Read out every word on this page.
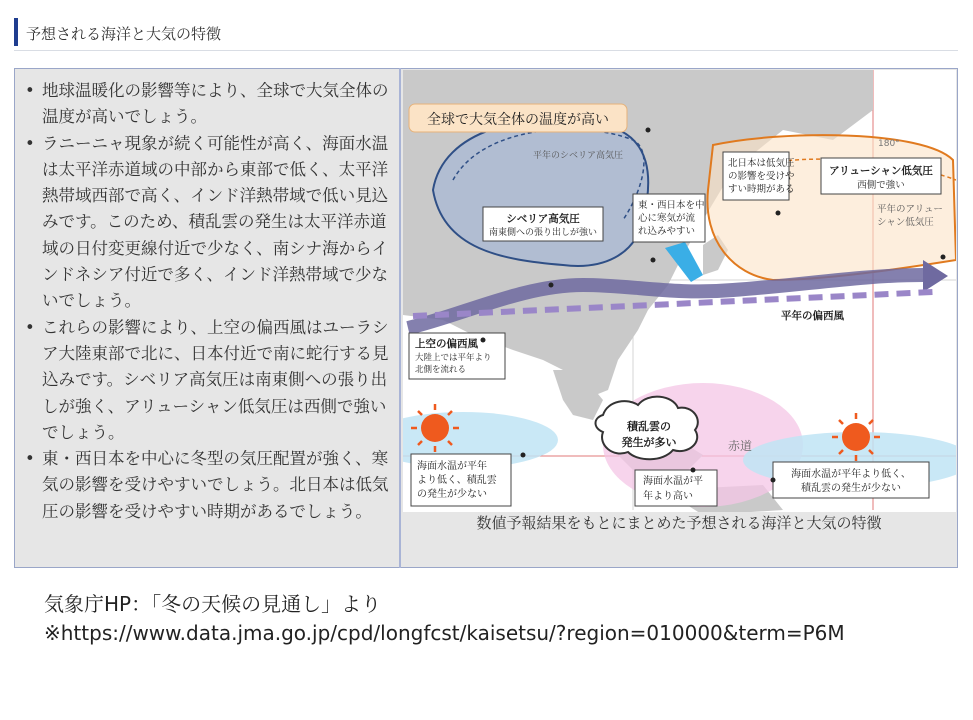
予想される海洋と大気の特徴
• 地球温暖化の影響等により、全球で大気全体の温度が高いでしょう。
• ラニーニャ現象が続く可能性が高く、海面水温は太平洋赤道域の中部から東部で低く、太平洋熱帯域西部で高く、インド洋熱帯域で低い見込みです。このため、積乱雲の発生は太平洋赤道域の日付変更線付近で少なく、南シナ海からインドネシア付近で多く、インド洋熱帯域で少ないでしょう。
• これらの影響により、上空の偏西風はユーラシア大陸東部で北に、日本付近で南に蛇行する見込みです。シベリア高気圧は南東側への張り出しが強く、アリューシャン低気圧は西側で強いでしょう。
• 東・西日本を中心に冬型の気圧配置が強く、寒気の影響を受けやすいでしょう。北日本は低気圧の影響を受けやすい時期があるでしょう。
全球で大気全体の温度が高い
平年のシベリア高気圧
180°
北日本は低気圧
の影響を受けや
すい時期がある
アリューシャン低気圧
西側で強い
平年のアリュー
シャン低気圧
東・西日本を中
心に寒気が流
れ込みやすい
シベリア高気圧
南東側への張り出しが強い
平年の偏西風
上空の偏西風
大陸上では平年より
北側を流れる
積乱雲の
発生が多い	赤道
海面水温が平年
より低く、積乱雲
の発生が少ない
海面水温が平
年より高い
海面水温が平年より低く、
積乱雲の発生が少ない
数値予報結果をもとにまとめた予想される海洋と大気の特徴
気象庁HP：「冬の天候の見通し」より
※https://www.data.jma.go.jp/cpd/longfcst/kaisetsu/?region=010000&term=P6M
